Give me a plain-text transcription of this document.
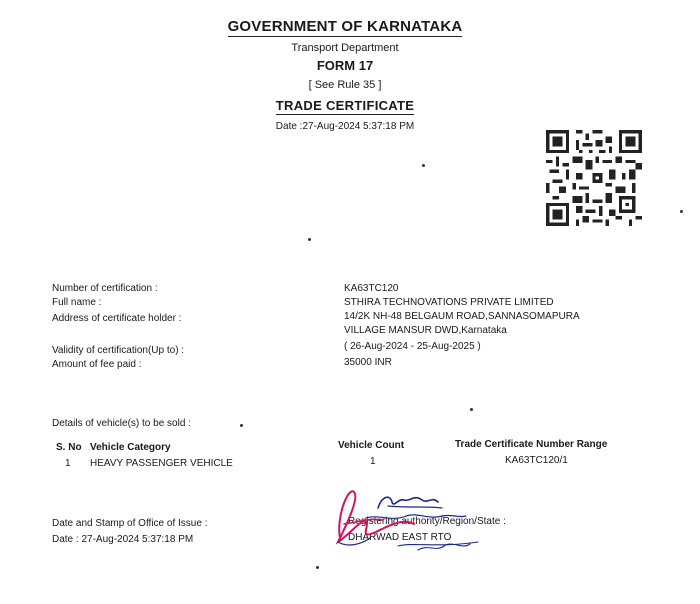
GOVERNMENT OF KARNATAKA
Transport Department
FORM 17
[ See Rule 35 ]
TRADE CERTIFICATE
Date :27-Aug-2024 5:37:18 PM
Number of certification :	KA63TC120
Full name :	STHIRA TECHNOVATIONS PRIVATE LIMITED
Address of certificate holder :	14/2K NH-48 BELGAUM ROAD,SANNASOMAPURA
VILLAGE MANSUR DWD,Karnataka
Validity of certification(Up to) :	( 26-Aug-2024 - 25-Aug-2025 )
Amount of fee paid :	35000 INR
Details of vehicle(s) to be sold :
S. No Vehicle Category	Vehicle Count	Trade Certificate Number Range
1 HEAVY PASSENGER VEHICLE	1	KA63TC120/1
Date and Stamp of Office of Issue :
Date : 27-Aug-2024 5:37:18 PM
Registering authority/Region/State :
DHARWAD EAST RTO
